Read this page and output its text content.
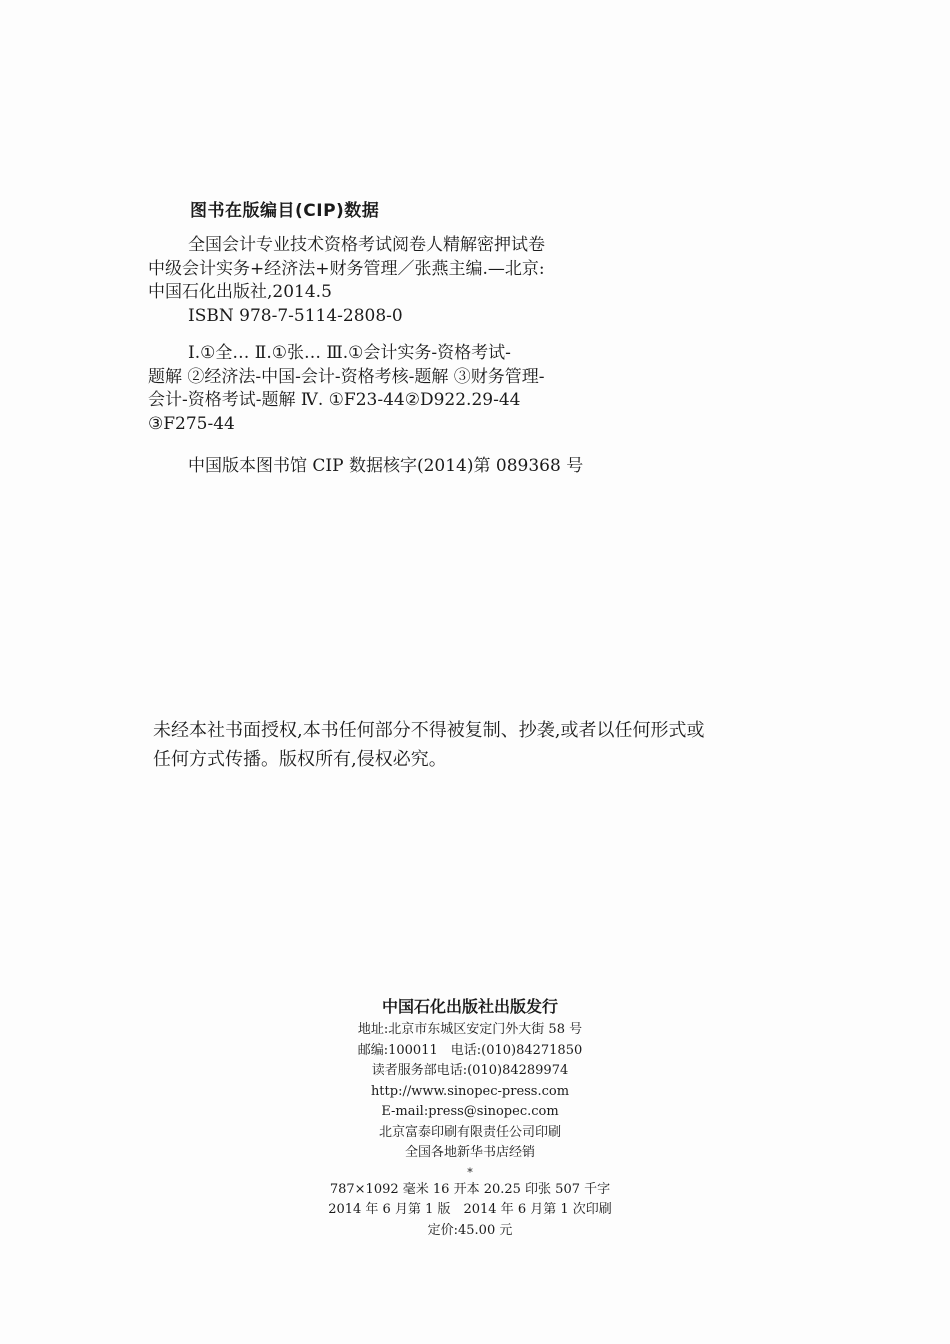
图书在版编目(CIP)数据
全国会计专业技术资格考试阅卷人精解密押试卷
中级会计实务+经济法+财务管理／张燕主编.—北京:
中国石化出版社,2014.5
ISBN 978-7-5114-2808-0
Ⅰ.①全… Ⅱ.①张… Ⅲ.①会计实务-资格考试-
题解 ②经济法-中国-会计-资格考核-题解 ③财务管理-
会计-资格考试-题解 Ⅳ. ①F23-44②D922.29-44
③F275-44
中国版本图书馆 CIP 数据核字(2014)第 089368 号
未经本社书面授权,本书任何部分不得被复制、抄袭,或者以任何形式或
任何方式传播。版权所有,侵权必究。
中国石化出版社出版发行
地址:北京市东城区安定门外大街 58 号
邮编:100011　电话:(010)84271850
读者服务部电话:(010)84289974
http://www.sinopec-press.com
E-mail:press@sinopec.com
北京富泰印刷有限责任公司印刷
全国各地新华书店经销
*
787×1092 毫米 16 开本 20.25 印张 507 千字
2014 年 6 月第 1 版　2014 年 6 月第 1 次印刷
定价:45.00 元
